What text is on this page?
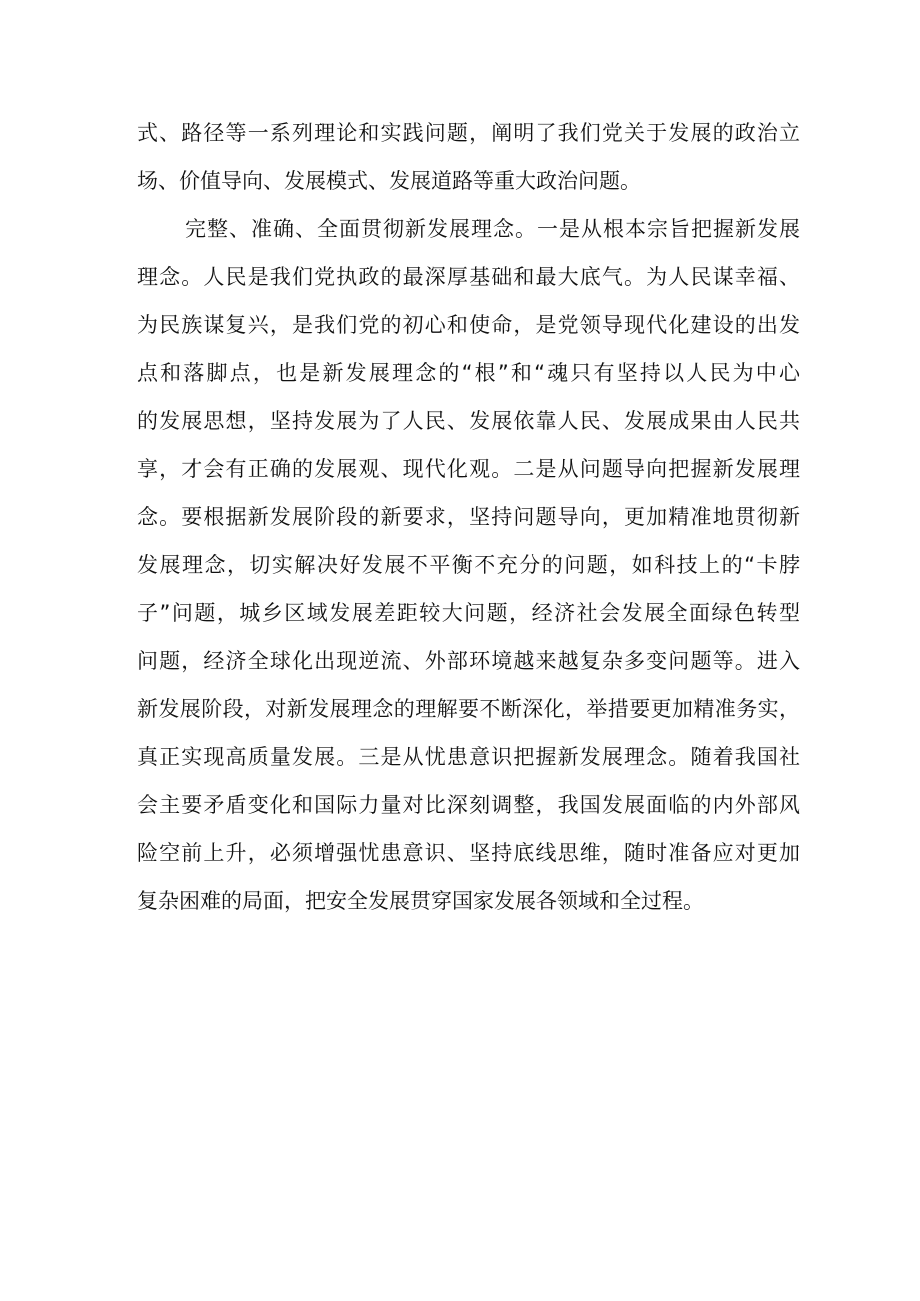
式、路径等一系列理论和实践问题，阐明了我们党关于发展的政治立
场、价值导向、发展模式、发展道路等重大政治问题。
完整、准确、全面贯彻新发展理念。一是从根本宗旨把握新发展
理念。人民是我们党执政的最深厚基础和最大底气。为人民谋幸福、
为民族谋复兴，是我们党的初心和使命，是党领导现代化建设的出发
点和落脚点，也是新发展理念的“根”和“魂只有坚持以人民为中心
的发展思想，坚持发展为了人民、发展依靠人民、发展成果由人民共
享，才会有正确的发展观、现代化观。二是从问题导向把握新发展理
念。要根据新发展阶段的新要求，坚持问题导向，更加精准地贯彻新
发展理念，切实解决好发展不平衡不充分的问题，如科技上的“卡脖
子”问题，城乡区域发展差距较大问题，经济社会发展全面绿色转型
问题，经济全球化出现逆流、外部环境越来越复杂多变问题等。进入
新发展阶段，对新发展理念的理解要不断深化，举措要更加精准务实，
真正实现高质量发展。三是从忧患意识把握新发展理念。随着我国社
会主要矛盾变化和国际力量对比深刻调整，我国发展面临的内外部风
险空前上升，必须增强忧患意识、坚持底线思维，随时准备应对更加
复杂困难的局面，把安全发展贯穿国家发展各领域和全过程。
